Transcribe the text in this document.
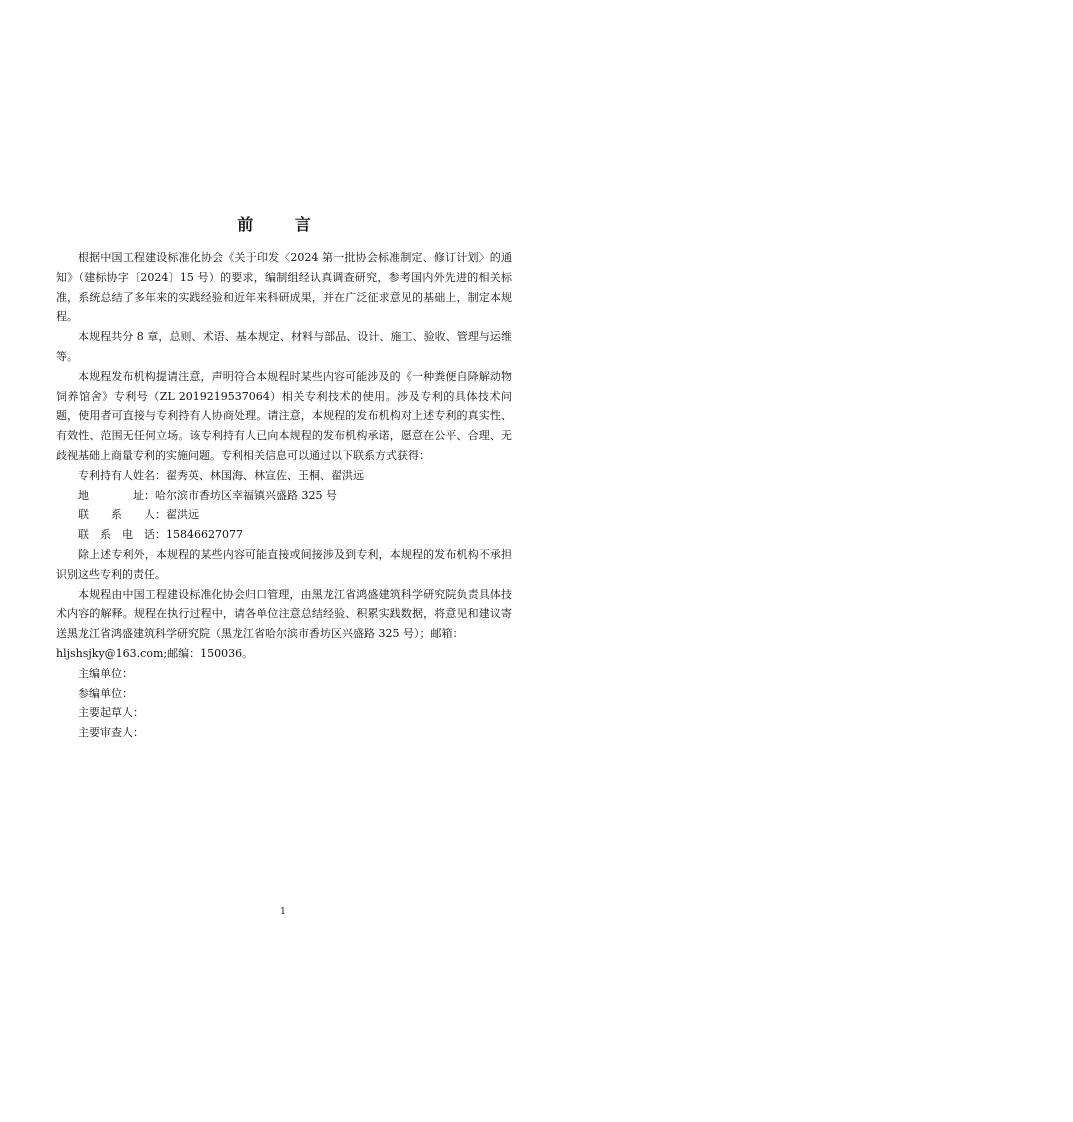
前 言

根据中国工程建设标准化协会《关于印发〈2024 第一批协会标准制定、修订计划〉的通知》（建标协字〔2024〕15 号）的要求，编制组经认真调查研究，参考国内外先进的相关标准，系统总结了多年来的实践经验和近年来科研成果，并在广泛征求意见的基础上，制定本规程。

本规程共分 8 章，总则、术语、基本规定、材料与部品、设计、施工、验收、管理与运维等。

本规程发布机构提请注意，声明符合本规程时某些内容可能涉及的《一种粪便自降解动物饲养馆舍》专利号（ZL 2019219537064）相关专利技术的使用。涉及专利的具体技术问题，使用者可直接与专利持有人协商处理。请注意，本规程的发布机构对上述专利的真实性、有效性、范围无任何立场。该专利持有人已向本规程的发布机构承诺，愿意在公平、合理、无歧视基础上商量专利的实施问题。专利相关信息可以通过以下联系方式获得：

专利持有人姓名：翟秀英、林国海、林宣佐、王桐、翟洪远

地　　　　址：哈尔滨市香坊区幸福镇兴盛路 325 号

联　　系　　人：翟洪远

联　系　电　话：15846627077

除上述专利外，本规程的某些内容可能直接或间接涉及到专利，本规程的发布机构不承担识别这些专利的责任。

本规程由中国工程建设标准化协会归口管理，由黑龙江省鸿盛建筑科学研究院负责具体技术内容的解释。规程在执行过程中，请各单位注意总结经验、积累实践数据，将意见和建议寄送黑龙江省鸿盛建筑科学研究院（黑龙江省哈尔滨市香坊区兴盛路 325 号）；邮箱：

hljshsjky@163.com;邮编：150036。

主编单位：

参编单位：

主要起草人：

主要审查人：

1
